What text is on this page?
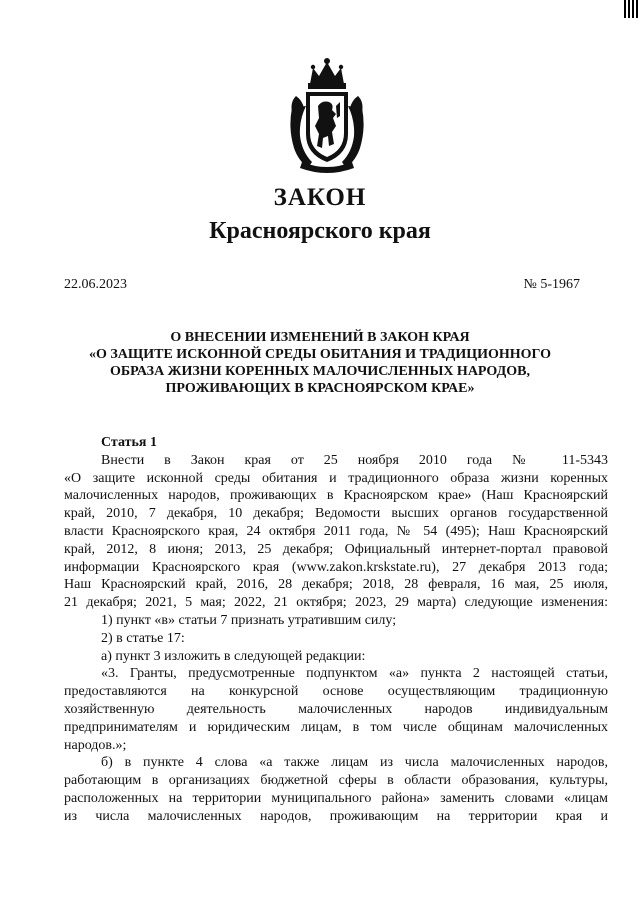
ЗАКОН
Красноярского края
22.06.2023	№ 5-1967
О ВНЕСЕНИИ ИЗМЕНЕНИЙ В ЗАКОН КРАЯ
«О ЗАЩИТЕ ИСКОННОЙ СРЕДЫ ОБИТАНИЯ И ТРАДИЦИОННОГО
ОБРАЗА ЖИЗНИ КОРЕННЫХ МАЛОЧИСЛЕННЫХ НАРОДОВ,
ПРОЖИВАЮЩИХ В КРАСНОЯРСКОМ КРАЕ»
Статья 1
Внести в Закон края от 25 ноября 2010 года № 11-5343
«О защите исконной среды обитания и традиционного образа жизни коренных
малочисленных народов, проживающих в Красноярском крае» (Наш Красноярский
край, 2010, 7 декабря, 10 декабря; Ведомости высших органов государственной
власти Красноярского края, 24 октября 2011 года, № 54 (495); Наш Красноярский
край, 2012, 8 июня; 2013, 25 декабря; Официальный интернет-портал правовой
информации Красноярского края (www.zakon.krskstate.ru), 27 декабря 2013 года;
Наш Красноярский край, 2016, 28 декабря; 2018, 28 февраля, 16 мая, 25 июля,
21 декабря; 2021, 5 мая; 2022, 21 октября; 2023, 29 марта) следующие изменения:
1) пункт «в» статьи 7 признать утратившим силу;
2) в статье 17:
а) пункт 3 изложить в следующей редакции:
«3. Гранты, предусмотренные подпунктом «а» пункта 2 настоящей статьи,
предоставляются на конкурсной основе осуществляющим традиционную
хозяйственную деятельность малочисленных народов индивидуальным
предпринимателям и юридическим лицам, в том числе общинам малочисленных
народов.»;
б) в пункте 4 слова «а также лицам из числа малочисленных народов,
работающим в организациях бюджетной сферы в области образования, культуры,
расположенных на территории муниципального района» заменить словами «лицам
из числа малочисленных народов, проживающим на территории края и
